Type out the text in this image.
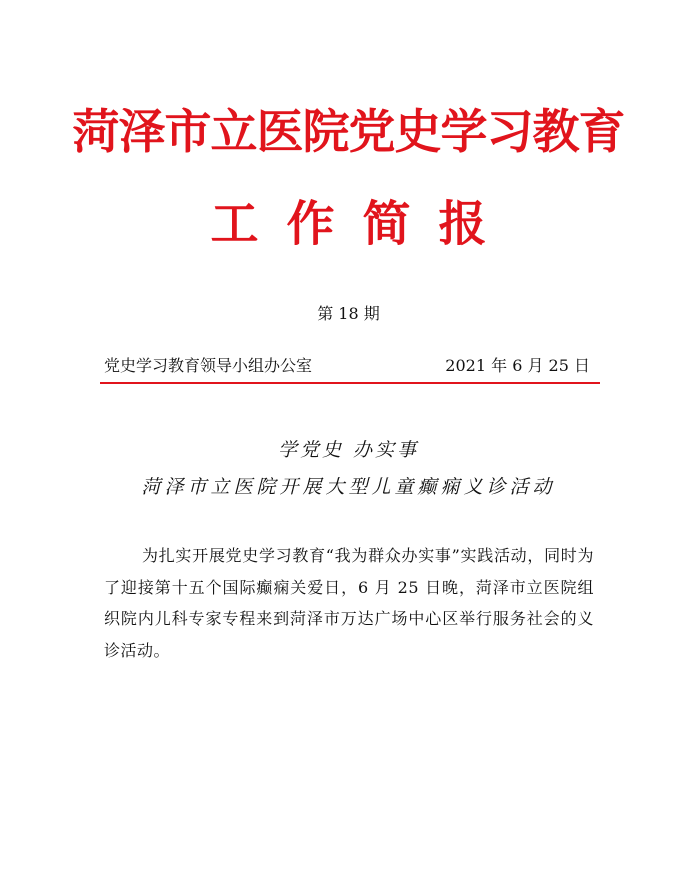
菏泽市立医院党史学习教育
工作简报
第 18 期
党史学习教育领导小组办公室	2021 年 6 月 25 日
学党史 办实事
菏泽市立医院开展大型儿童癫痫义诊活动
为扎实开展党史学习教育“我为群众办实事”实践活动，同时为了迎接第十五个国际癫痫关爱日，6 月 25 日晚，菏泽市立医院组织院内儿科专家专程来到菏泽市万达广场中心区举行服务社会的义诊活动。
